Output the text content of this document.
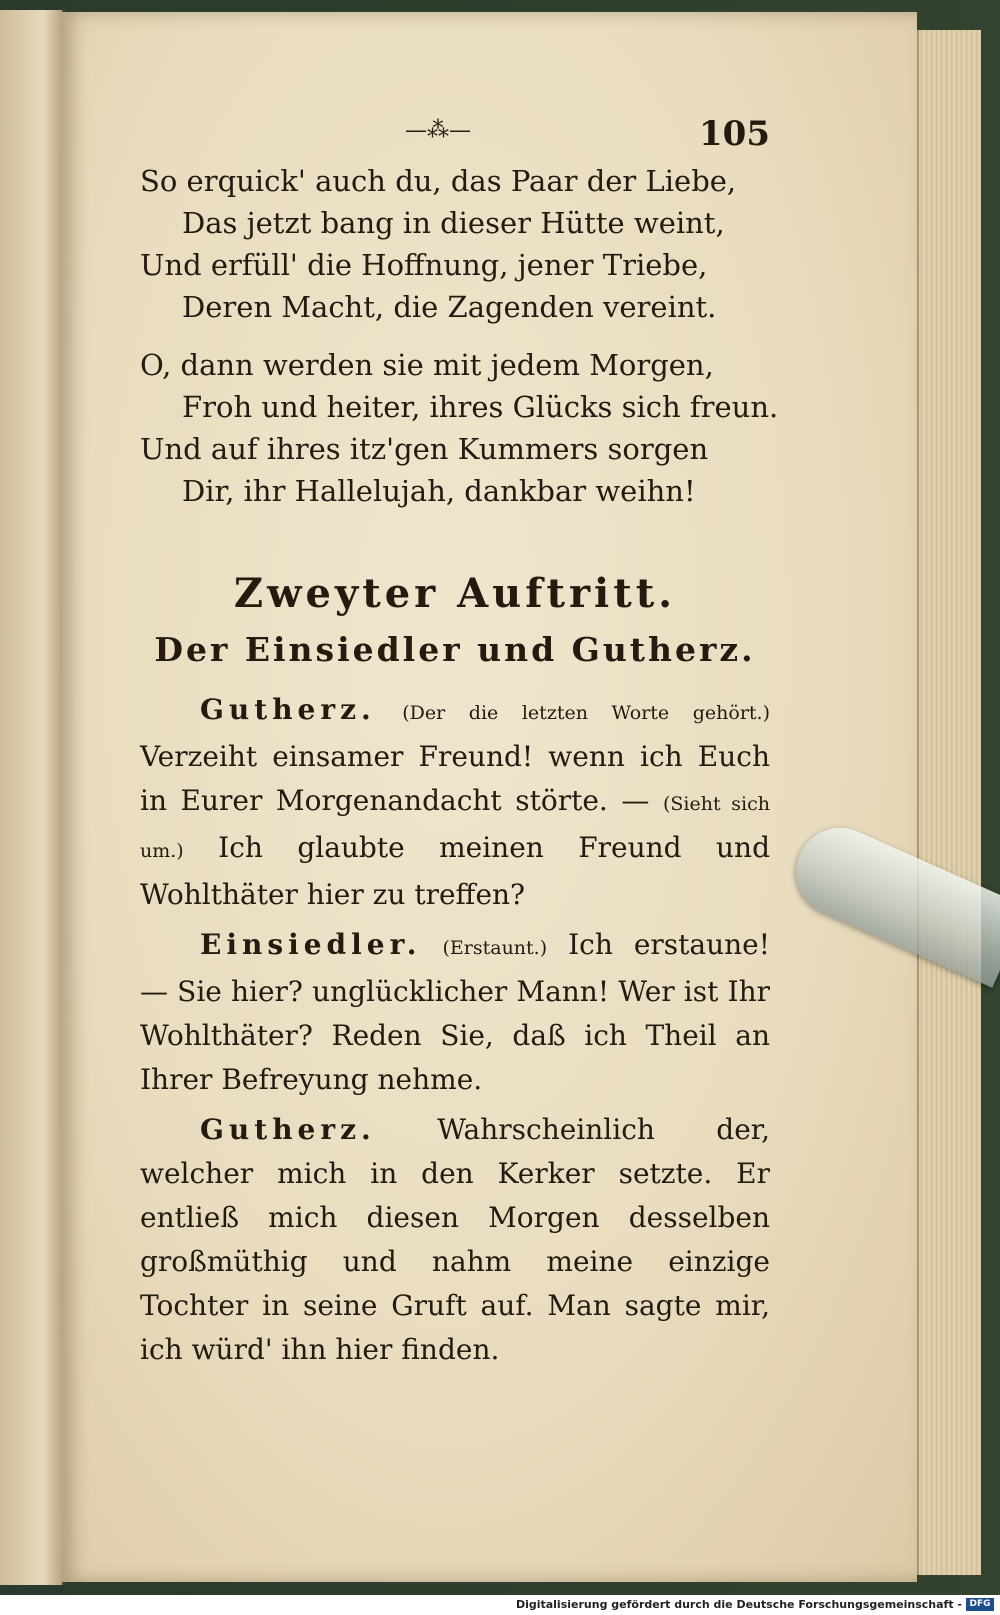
—⁂—	105
So erquick' auch du, das Paar der Liebe,
Das jetzt bang in dieser Hütte weint,
Und erfüll' die Hoffnung, jener Triebe,
Deren Macht, die Zagenden vereint.
O, dann werden sie mit jedem Morgen,
Froh und heiter, ihres Glücks sich freun.
Und auf ihres itz'gen Kummers sorgen
Dir, ihr Hallelujah, dankbar weihn!
Zweyter Auftritt.
Der Einsiedler und Gutherz.

Gutherz. (Der die letzten Worte gehört.) Verzeiht einsamer Freund! wenn ich Euch in Eurer Morgenandacht störte. — (Sieht sich um.) Ich glaubte meinen Freund und Wohlthäter hier zu treffen?

Einsiedler. (Erstaunt.) Ich erstaune! — Sie hier? unglücklicher Mann! Wer ist Ihr Wohlthäter? Reden Sie, daß ich Theil an Ihrer Befreyung nehme.

Gutherz. Wahrscheinlich der, welcher mich in den Kerker setzte. Er entließ mich diesen Morgen desselben großmüthig und nahm meine einzige Tochter in seine Gruft auf. Man sagte mir, ich würd' ihn hier finden.

Digitalisierung gefördert durch die Deutsche Forschungsgemeinschaft - DFG
